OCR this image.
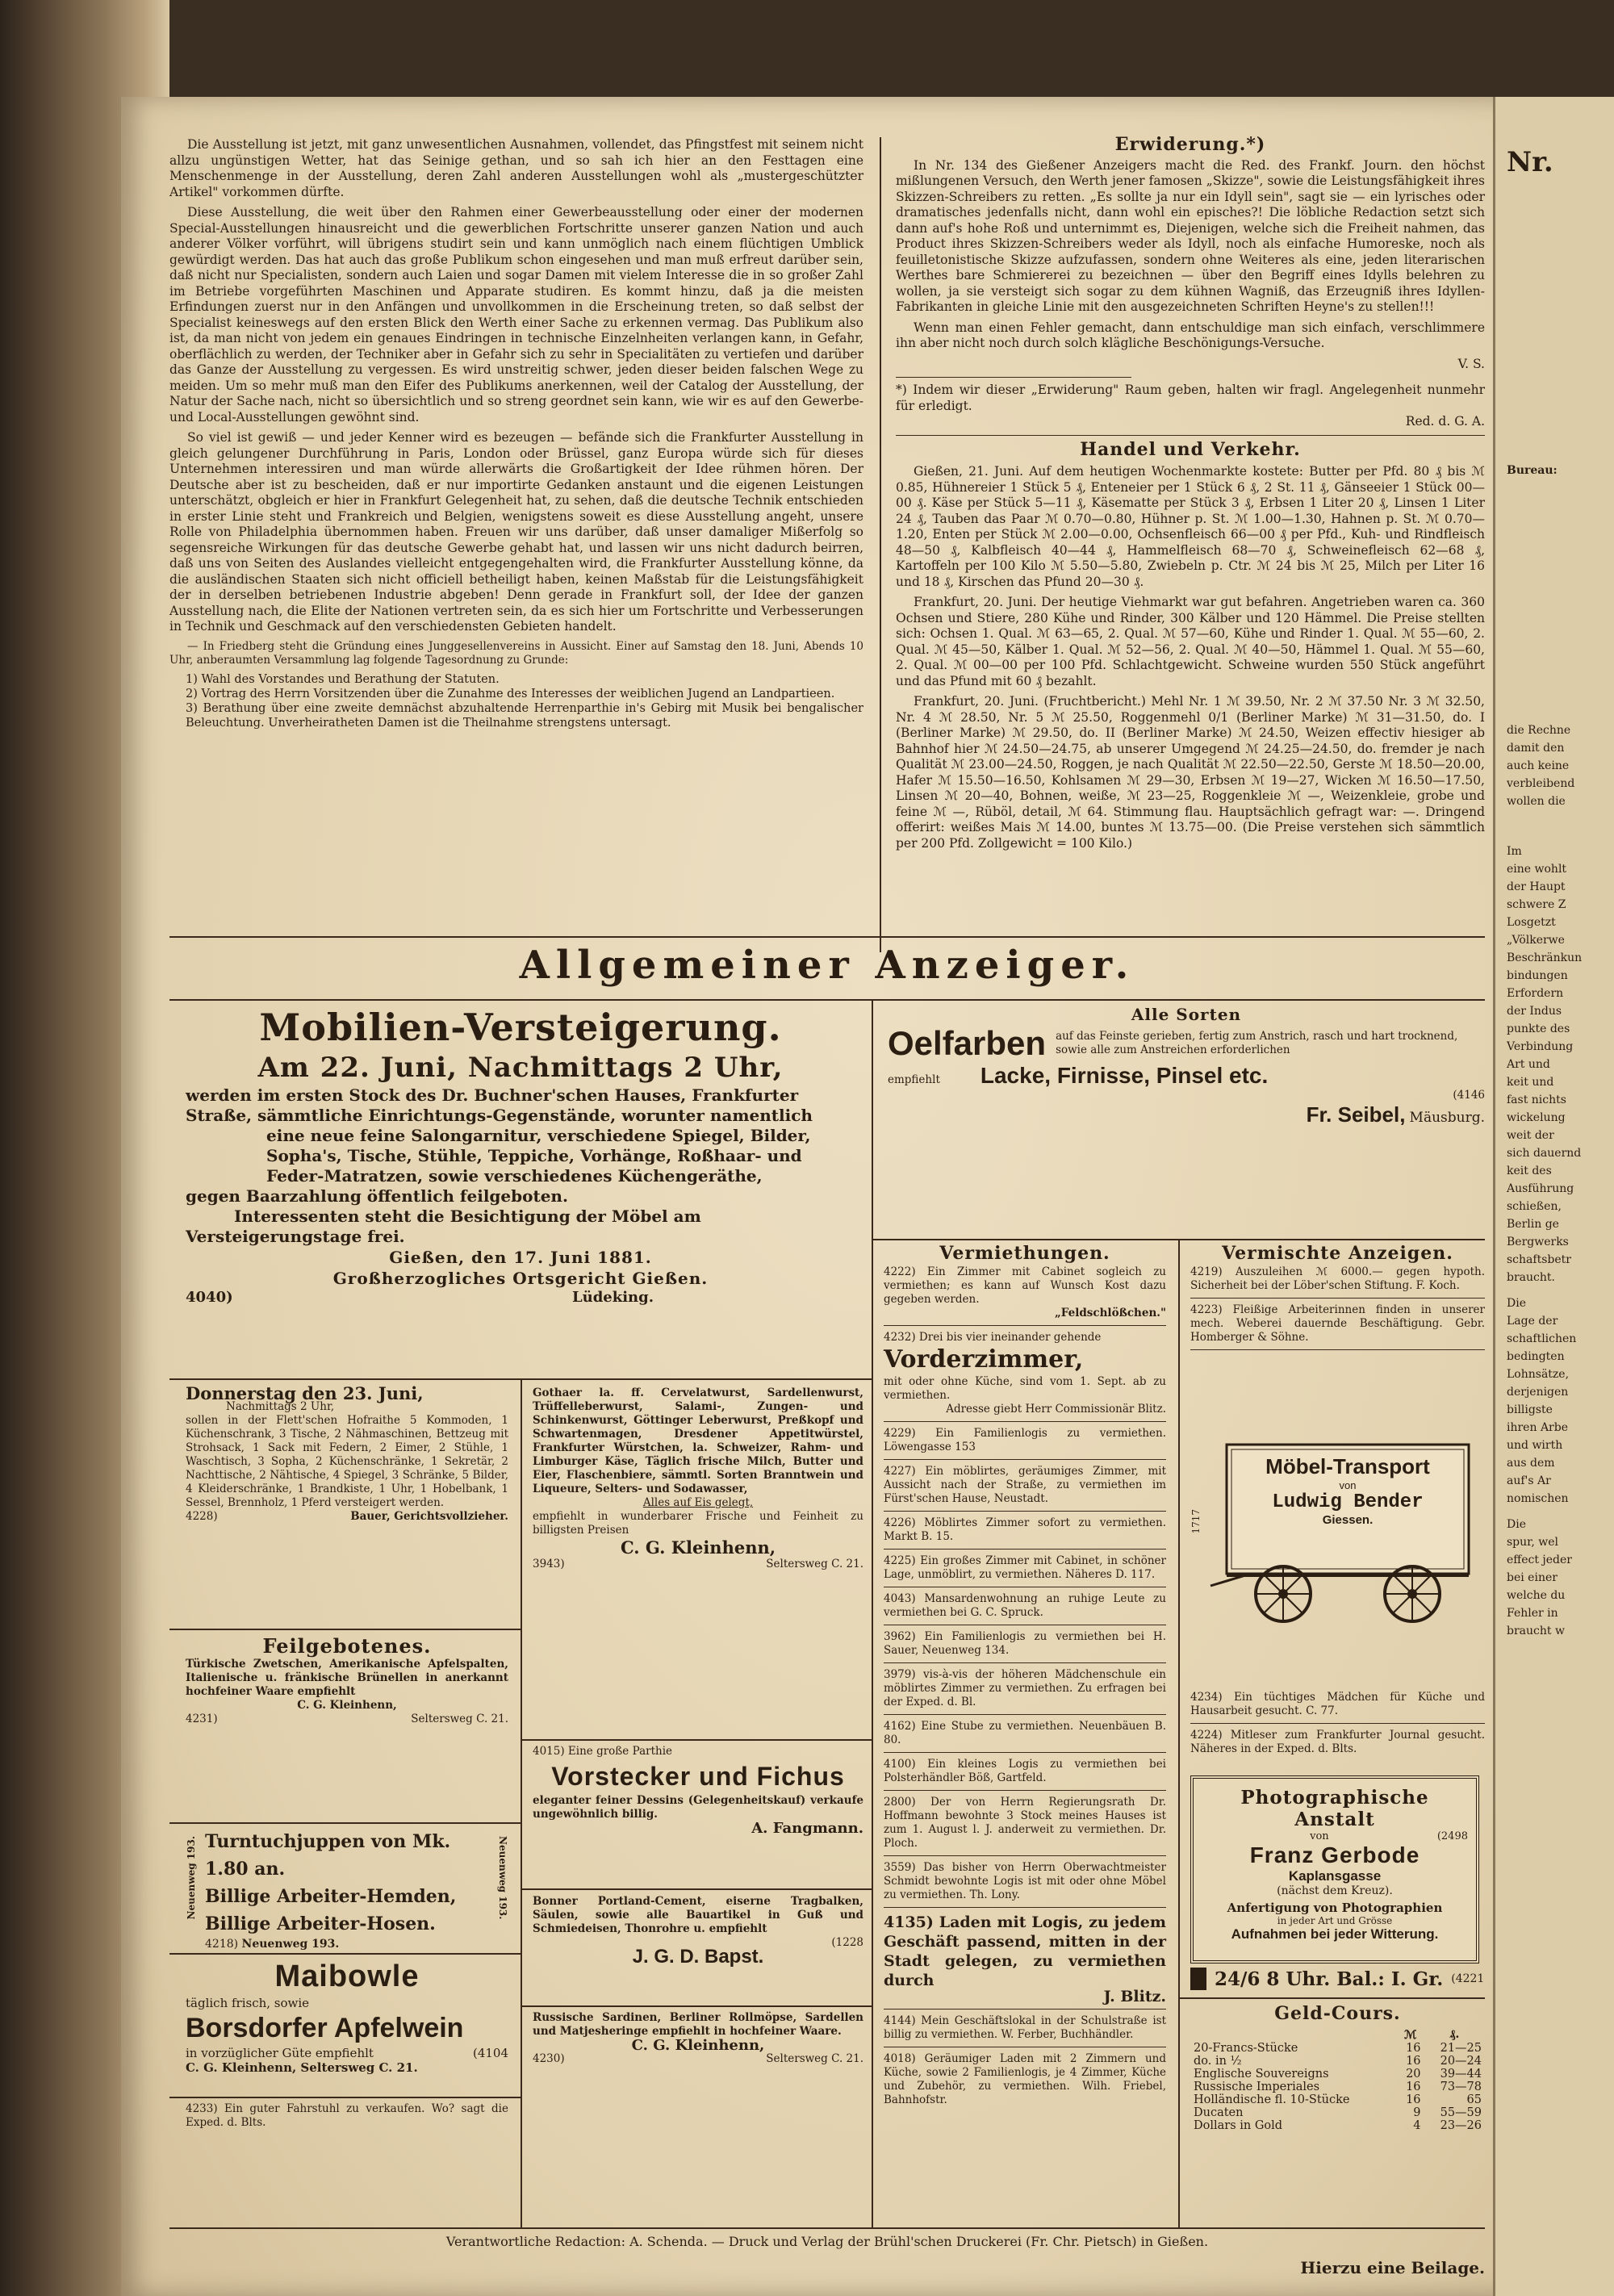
Die Ausstellung ist jetzt, mit ganz unwesentlichen Ausnahmen, vollendet, das Pfingstfest mit seinem nicht allzu ungünstigen Wetter, hat das Seinige gethan, und so sah ich hier an den Festtagen eine Menschenmenge in der Ausstellung, deren Zahl anderen Ausstellungen wohl als „mustergeschützter Artikel" vorkommen dürfte.

Diese Ausstellung, die weit über den Rahmen einer Gewerbeausstellung oder einer der modernen Special-Ausstellungen hinausreicht und die gewerblichen Fortschritte unserer ganzen Nation und auch anderer Völker vorführt, will übrigens studirt sein und kann unmöglich nach einem flüchtigen Umblick gewürdigt werden. Das hat auch das große Publikum schon eingesehen und man muß erfreut darüber sein, daß nicht nur Specialisten, sondern auch Laien und sogar Damen mit vielem Interesse die in so großer Zahl im Betriebe vorgeführten Maschinen und Apparate studiren. Es kommt hinzu, daß ja die meisten Erfindungen zuerst nur in den Anfängen und unvollkommen in die Erscheinung treten, so daß selbst der Specialist keineswegs auf den ersten Blick den Werth einer Sache zu erkennen vermag. Das Publikum also ist, da man nicht von jedem ein genaues Eindringen in technische Einzelnheiten verlangen kann, in Gefahr, oberflächlich zu werden, der Techniker aber in Gefahr sich zu sehr in Specialitäten zu vertiefen und darüber das Ganze der Ausstellung zu vergessen. Es wird unstreitig schwer, jeden dieser beiden falschen Wege zu meiden. Um so mehr muß man den Eifer des Publikums anerkennen, weil der Catalog der Ausstellung, der Natur der Sache nach, nicht so übersichtlich und so streng geordnet sein kann, wie wir es auf den Gewerbe- und Local-Ausstellungen gewöhnt sind.

So viel ist gewiß — und jeder Kenner wird es bezeugen — befände sich die Frankfurter Ausstellung in gleich gelungener Durchführung in Paris, London oder Brüssel, ganz Europa würde sich für dieses Unternehmen interessiren und man würde allerwärts die Großartigkeit der Idee rühmen hören. Der Deutsche aber ist zu bescheiden, daß er nur importirte Gedanken anstaunt und die eigenen Leistungen unterschätzt, obgleich er hier in Frankfurt Gelegenheit hat, zu sehen, daß die deutsche Technik entschieden in erster Linie steht und Frankreich und Belgien, wenigstens soweit es diese Ausstellung angeht, unsere Rolle von Philadelphia übernommen haben. Freuen wir uns darüber, daß unser damaliger Mißerfolg so segensreiche Wirkungen für das deutsche Gewerbe gehabt hat, und lassen wir uns nicht dadurch beirren, daß uns von Seiten des Auslandes vielleicht entgegengehalten wird, die Frankfurter Ausstellung könne, da die ausländischen Staaten sich nicht officiell betheiligt haben, keinen Maßstab für die Leistungsfähigkeit der in derselben betriebenen Industrie abgeben! Denn gerade in Frankfurt soll, der Idee der ganzen Ausstellung nach, die Elite der Nationen vertreten sein, da es sich hier um Fortschritte und Verbesserungen in Technik und Geschmack auf den verschiedensten Gebieten handelt.

— In Friedberg steht die Gründung eines Junggesellenvereins in Aussicht. Einer auf Samstag den 18. Juni, Abends 10 Uhr, anberaumten Versammlung lag folgende Tagesordnung zu Grunde:

1) Wahl des Vorstandes und Berathung der Statuten.
2) Vortrag des Herrn Vorsitzenden über die Zunahme des Interesses der weiblichen Jugend an Landpartieen.
3) Berathung über eine zweite demnächst abzuhaltende Herrenparthie in's Gebirg mit Musik bei bengalischer Beleuchtung. Unverheiratheten Damen ist die Theilnahme strengstens untersagt.
Erwiderung.*)

In Nr. 134 des Gießener Anzeigers macht die Red. des Frankf. Journ. den höchst mißlungenen Versuch, den Werth jener famosen „Skizze", sowie die Leistungsfähigkeit ihres Skizzen-Schreibers zu retten. „Es sollte ja nur ein Idyll sein", sagt sie — ein lyrisches oder dramatisches jedenfalls nicht, dann wohl ein episches?! Die löbliche Redaction setzt sich dann auf's hohe Roß und unternimmt es, Diejenigen, welche sich die Freiheit nahmen, das Product ihres Skizzen-Schreibers weder als Idyll, noch als einfache Humoreske, noch als feuilletonistische Skizze aufzufassen, sondern ohne Weiteres als eine, jeden literarischen Werthes bare Schmiererei zu bezeichnen — über den Begriff eines Idylls belehren zu wollen, ja sie versteigt sich sogar zu dem kühnen Wagniß, das Erzeugniß ihres Idyllen-Fabrikanten in gleiche Linie mit den ausgezeichneten Schriften Heyne's zu stellen!!!

Wenn man einen Fehler gemacht, dann entschuldige man sich einfach, verschlimmere ihn aber nicht noch durch solch klägliche Beschönigungs-Versuche.

V. S.
*) Indem wir dieser „Erwiderung" Raum geben, halten wir fragl. Angelegenheit nunmehr für erledigt.
Red. d. G. A.
Handel und Verkehr.

Gießen, 21. Juni. Auf dem heutigen Wochenmarkte kostete: Butter per Pfd. 80 ₰ bis ℳ 0.85, Hühnereier 1 Stück 5 ₰, Enteneier per 1 Stück 6 ₰, 2 St. 11 ₰, Gänseeier 1 Stück 00—00 ₰. Käse per Stück 5—11 ₰, Käsematte per Stück 3 ₰, Erbsen 1 Liter 20 ₰, Linsen 1 Liter 24 ₰, Tauben das Paar ℳ 0.70—0.80, Hühner p. St. ℳ 1.00—1.30, Hahnen p. St. ℳ 0.70—1.20, Enten per Stück ℳ 2.00—0.00, Ochsenfleisch 66—00 ₰ per Pfd., Kuh- und Rindfleisch 48—50 ₰, Kalbfleisch 40—44 ₰, Hammelfleisch 68—70 ₰, Schweinefleisch 62—68 ₰, Kartoffeln per 100 Kilo ℳ 5.50—5.80, Zwiebeln p. Ctr. ℳ 24 bis ℳ 25, Milch per Liter 16 und 18 ₰, Kirschen das Pfund 20—30 ₰.

Frankfurt, 20. Juni. Der heutige Viehmarkt war gut befahren. Angetrieben waren ca. 360 Ochsen und Stiere, 280 Kühe und Rinder, 300 Kälber und 120 Hämmel. Die Preise stellten sich: Ochsen 1. Qual. ℳ 63—65, 2. Qual. ℳ 57—60, Kühe und Rinder 1. Qual. ℳ 55—60, 2. Qual. ℳ 45—50, Kälber 1. Qual. ℳ 52—56, 2. Qual. ℳ 40—50, Hämmel 1. Qual. ℳ 55—60, 2. Qual. ℳ 00—00 per 100 Pfd. Schlachtgewicht. Schweine wurden 550 Stück angeführt und das Pfund mit 60 ₰ bezahlt.

Frankfurt, 20. Juni. (Fruchtbericht.) Mehl Nr. 1 ℳ 39.50, Nr. 2 ℳ 37.50 Nr. 3 ℳ 32.50, Nr. 4 ℳ 28.50, Nr. 5 ℳ 25.50, Roggenmehl 0/1 (Berliner Marke) ℳ 31—31.50, do. I (Berliner Marke) ℳ 29.50, do. II (Berliner Marke) ℳ 24.50, Weizen effectiv hiesiger ab Bahnhof hier ℳ 24.50—24.75, ab unserer Umgegend ℳ 24.25—24.50, do. fremder je nach Qualität ℳ 23.00—24.50, Roggen, je nach Qualität ℳ 22.50—22.50, Gerste ℳ 18.50—20.00, Hafer ℳ 15.50—16.50, Kohlsamen ℳ 29—30, Erbsen ℳ 19—27, Wicken ℳ 16.50—17.50, Linsen ℳ 20—40, Bohnen, weiße, ℳ 23—25, Roggenkleie ℳ —, Weizenkleie, grobe und feine ℳ —, Rüböl, detail, ℳ 64. Stimmung flau. Hauptsächlich gefragt war: —. Dringend offerirt: weißes Mais ℳ 14.00, buntes ℳ 13.75—00. (Die Preise verstehen sich sämmtlich per 200 Pfd. Zollgewicht = 100 Kilo.)

Nr.
Bureau:
die Rechne
damit den
auch keine
verbleibend
wollen die
Im
eine wohlt
der Haupt
schwere Z
Losgetzt
„Völkerwe
Beschränkun
bindungen
Erfordern
der Indus
punkte des
Verbindung
Art und
keit und
fast nichts
wickelung
weit der
sich dauernd
keit des
Ausführung
schießen,
Berlin ge
Bergwerks
schaftsbetr
braucht.
Die
Lage der
schaftlichen
bedingten
Lohnsätze,
derjenigen
billigste
ihren Arbe
und wirth
aus dem
auf's Ar
nomischen
Die
spur, wel
effect jeder
bei einer
welche du
Fehler in
braucht w
Allgemeiner Anzeiger.
Mobilien-Versteigerung.
Am 22. Juni, Nachmittags 2 Uhr,
werden im ersten Stock des Dr. Buchner'schen Hauses, Frankfurter Straße, sämmtliche Einrichtungs-Gegenstände, worunter namentlich
eine neue feine Salongarnitur, verschiedene Spiegel, Bilder, Sopha's, Tische, Stühle, Teppiche, Vorhänge, Roßhaar- und Feder-Matratzen, sowie verschiedenes Küchengeräthe,
gegen Baarzahlung öffentlich feilgeboten.
Interessenten steht die Besichtigung der Möbel am Versteigerungstage frei.
Gießen, den 17. Juni 1881.
Großherzogliches Ortsgericht Gießen.
4040)	Lüdeking.
Donnerstag den 23. Juni,
Nachmittags 2 Uhr,
sollen in der Flett'schen Hofraithe 5 Kommoden, 1 Küchenschrank, 3 Tische, 2 Nähmaschinen, Bettzeug mit Strohsack, 1 Sack mit Federn, 2 Eimer, 2 Stühle, 1 Waschtisch, 3 Sopha, 2 Küchenschränke, 1 Sekretär, 2 Nachttische, 2 Nähtische, 4 Spiegel, 3 Schränke, 5 Bilder, 4 Kleiderschränke, 1 Brandkiste, 1 Uhr, 1 Hobelbank, 1 Sessel, Brennholz, 1 Pferd versteigert werden.
4228)	Bauer, Gerichtsvollzieher.
Feilgebotenes.
Türkische Zwetschen, Amerikanische Apfelspalten, Italienische u. fränkische Brünellen in anerkannt hochfeiner Waare empfiehlt
C. G. Kleinhenn,
4231)	Seltersweg C. 21.
Neuenweg 193.	Neuenweg 193.
Turntuchjuppen von Mk. 1.80 an.
Billige Arbeiter-Hemden,
Billige Arbeiter-Hosen.
4218) Neuenweg 193.
Maibowle
täglich frisch, sowie
Borsdorfer Apfelwein
in vorzüglicher Güte empfiehlt	(4104
C. G. Kleinhenn, Seltersweg C. 21.
4233) Ein guter Fahrstuhl zu verkaufen. Wo? sagt die Exped. d. Blts.
Gothaer la. ff. Cervelatwurst, Sardellenwurst, Trüffelleberwurst, Salami-, Zungen- und Schinkenwurst, Göttinger Leberwurst, Preßkopf und Schwartenmagen, Dresdener Appetitwürstel, Frankfurter Würstchen, la. Schweizer, Rahm- und Limburger Käse, Täglich frische Milch, Butter und Eier, Flaschenbiere, sämmtl. Sorten Branntwein und Liqueure, Selters- und Sodawasser,
Alles auf Eis gelegt,
empfiehlt in wunderbarer Frische und Feinheit zu billigsten Preisen
C. G. Kleinhenn,
3943)	Seltersweg C. 21.
4015) Eine große Parthie
Vorstecker und Fichus
eleganter feiner Dessins (Gelegenheitskauf) verkaufe ungewöhnlich billig.
A. Fangmann.
Bonner Portland-Cement, eiserne Tragbalken, Säulen, sowie alle Bauartikel in Guß und Schmiedeisen, Thonrohre u. empfiehlt
(1228
J. G. D. Bapst.
Russische Sardinen, Berliner Rollmöpse, Sardellen und Matjesheringe empfiehlt in hochfeiner Waare.
C. G. Kleinhenn,
4230)	Seltersweg C. 21.
Alle Sorten
Oelfarben auf das Feinste gerieben, fertig zum Anstrich, rasch und hart trocknend, sowie alle zum Anstreichen erforderlichen
empfiehlt Lacke, Firnisse, Pinsel etc.
(4146
Fr. Seibel, Mäusburg.
Vermiethungen.
4222) Ein Zimmer mit Cabinet sogleich zu vermiethen; es kann auf Wunsch Kost dazu gegeben werden.
„Feldschlößchen."
4232) Drei bis vier ineinander gehende
Vorderzimmer,
mit oder ohne Küche, sind vom 1. Sept. ab zu vermiethen.
Adresse giebt Herr Commissionär Blitz.
4229) Ein Familienlogis zu vermiethen. Löwengasse 153
4227) Ein möblirtes, geräumiges Zimmer, mit Aussicht nach der Straße, zu vermiethen im Fürst'schen Hause, Neustadt.
4226) Möblirtes Zimmer sofort zu vermiethen. Markt B. 15.
4225) Ein großes Zimmer mit Cabinet, in schöner Lage, unmöblirt, zu vermiethen. Näheres D. 117.
4043) Mansardenwohnung an ruhige Leute zu vermiethen bei G. C. Spruck.
3962) Ein Familienlogis zu vermiethen bei H. Sauer, Neuenweg 134.
3979) vis-à-vis der höheren Mädchenschule ein möblirtes Zimmer zu vermiethen. Zu erfragen bei der Exped. d. Bl.
4162) Eine Stube zu vermiethen. Neuenbäuen B. 80.
4100) Ein kleines Logis zu vermiethen bei Polsterhändler Böß, Gartfeld.
2800) Der von Herrn Regierungsrath Dr. Hoffmann bewohnte 3 Stock meines Hauses ist zum 1. August l. J. anderweit zu vermiethen. Dr. Ploch.
3559) Das bisher von Herrn Oberwachtmeister Schmidt bewohnte Logis ist mit oder ohne Möbel zu vermiethen. Th. Lony.
4135) Laden mit Logis, zu jedem Geschäft passend, mitten in der Stadt gelegen, zu vermiethen durch
J. Blitz.
4144) Mein Geschäftslokal in der Schulstraße ist billig zu vermiethen. W. Ferber, Buchhändler.
4018) Geräumiger Laden mit 2 Zimmern und Küche, sowie 2 Familienlogis, je 4 Zimmer, Küche und Zubehör, zu vermiethen. Wilh. Friebel, Bahnhofstr.
Vermischte Anzeigen.
4219) Auszuleihen ℳ 6000.— gegen hypoth. Sicherheit bei der Löber'schen Stiftung. F. Koch.
4223) Fleißige Arbeiterinnen finden in unserer mech. Weberei dauernde Beschäftigung. Gebr. Homberger & Söhne.
1717
Möbel-Transport
von
Ludwig Bender
Giessen.
4234) Ein tüchtiges Mädchen für Küche und Hausarbeit gesucht. C. 77.
4224) Mitleser zum Frankfurter Journal gesucht. Näheres in der Exped. d. Blts.
Photographische Anstalt
von	(2498
Franz Gerbode
Kaplansgasse
(nächst dem Kreuz).
Anfertigung von Photographien
in jeder Art und Grösse
Aufnahmen bei jeder Witterung.
24/6 8 Uhr. Bal.: I. Gr. (4221
Geld-Cours.
	ℳ	₰.
20-Francs-Stücke	16	21—25
do. in ½	16	20—24
Englische Souvereigns	20	39—44
Russische Imperiales	16	73—78
Holländische fl. 10-Stücke	16	65
Ducaten	9	55—59
Dollars in Gold	4	23—26
Verantwortliche Redaction: A. Schenda. — Druck und Verlag der Brühl'schen Druckerei (Fr. Chr. Pietsch) in Gießen.
Hierzu eine Beilage.
